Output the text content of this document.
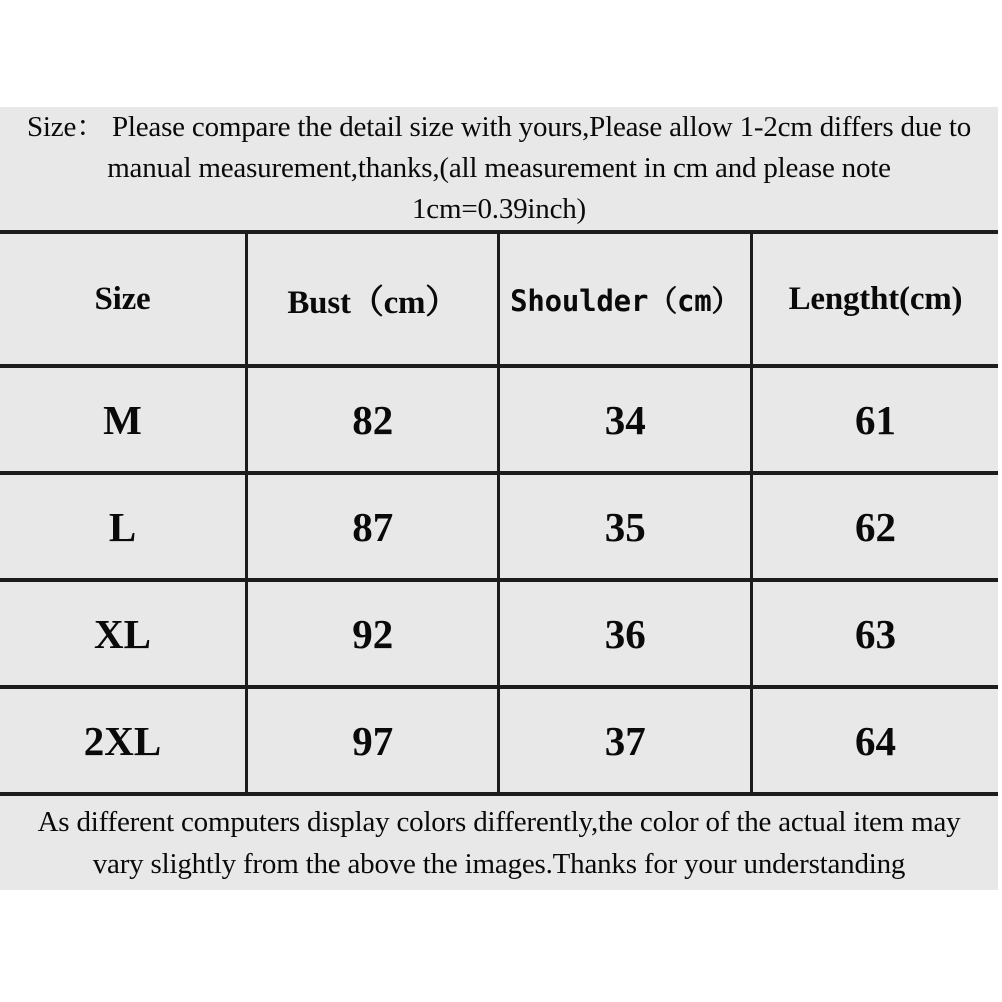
Size： Please compare the detail size with yours,Please allow 1-2cm differs due to
manual measurement,thanks,(all measurement in cm and please note
1cm=0.39inch)
Size	Bust（cm）	Shoulder（cm）	Lengtht(cm)
M	82	34	61
L	87	35	62
XL	92	36	63
2XL	97	37	64
As different computers display colors differently,the color of the actual item may
vary slightly from the above the images.Thanks for your understanding
